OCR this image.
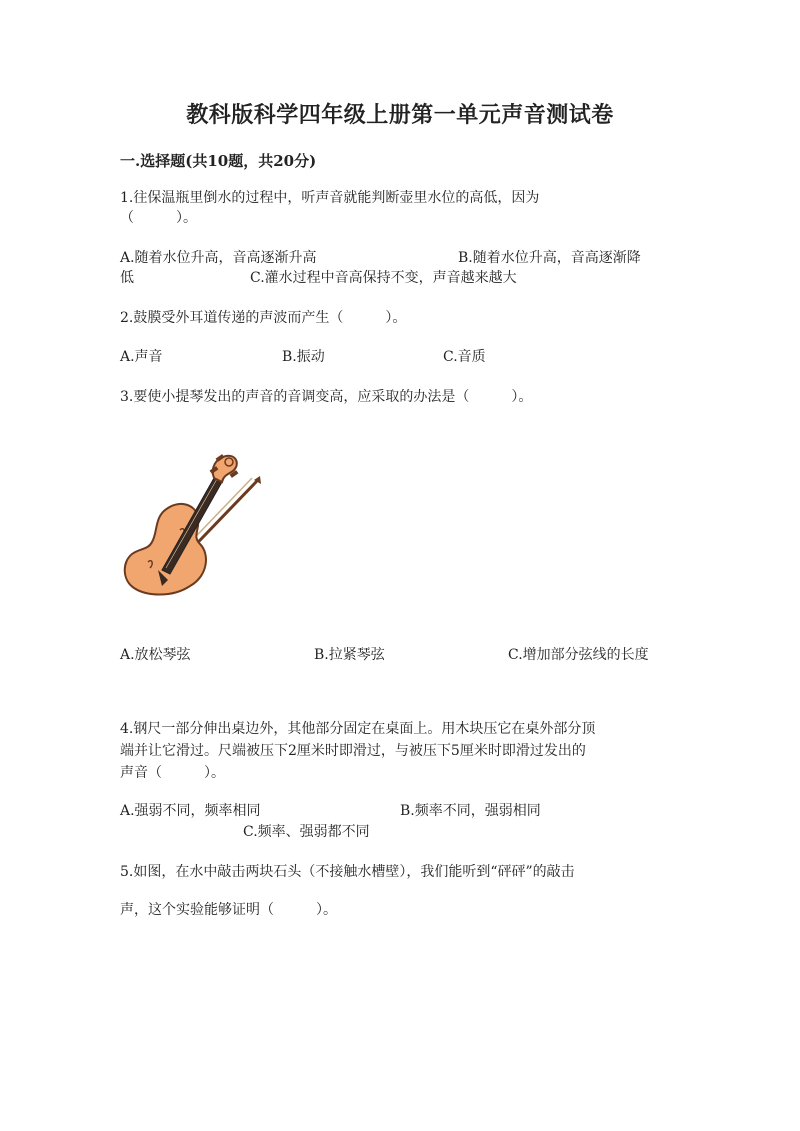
教科版科学四年级上册第一单元声音测试卷
一.选择题(共10题，共20分)
1.往保温瓶里倒水的过程中，听声音就能判断壶里水位的高低，因为
（　　　）。
A.随着水位升高，音高逐渐升高	B.随着水位升高，音高逐渐降
低	C.灌水过程中音高保持不变，声音越来越大
2.鼓膜受外耳道传递的声波而产生（　　　）。
A.声音	B.振动	C.音质
3.要使小提琴发出的声音的音调变高，应采取的办法是（　　　）。
A.放松琴弦	B.拉紧琴弦	C.增加部分弦线的长度
4.钢尺一部分伸出桌边外，其他部分固定在桌面上。用木块压它在桌外部分顶
端并让它滑过。尺端被压下2厘米时即滑过，与被压下5厘米时即滑过发出的
声音（　　　）。
A.强弱不同，频率相同	B.频率不同，强弱相同
C.频率、强弱都不同
5.如图，在水中敲击两块石头（不接触水槽壁），我们能听到“砰砰”的敲击
声，这个实验能够证明（　　　）。
